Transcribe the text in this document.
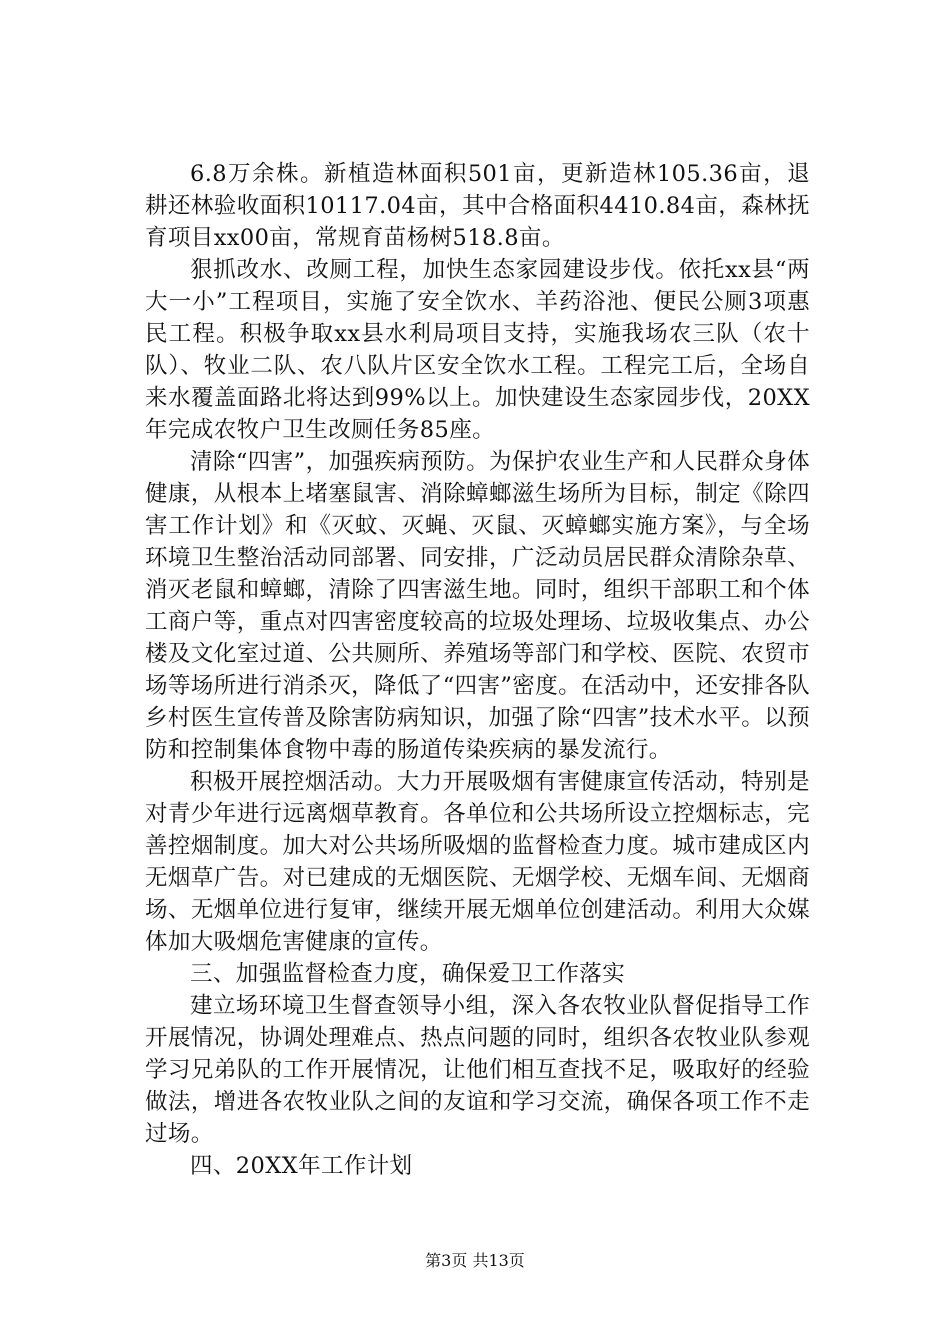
6.8万余株。新植造林面积501亩，更新造林105.36亩，退耕还林验收面积10117.04亩，其中合格面积4410.84亩，森林抚育项目xx00亩，常规育苗杨树518.8亩。

狠抓改水、改厕工程，加快生态家园建设步伐。依托xx县“两大一小”工程项目，实施了安全饮水、羊药浴池、便民公厕3项惠民工程。积极争取xx县水利局项目支持，实施我场农三队（农十队）、牧业二队、农八队片区安全饮水工程。工程完工后，全场自来水覆盖面路北将达到99%以上。加快建设生态家园步伐，20XX年完成农牧户卫生改厕任务85座。

清除“四害”，加强疾病预防。为保护农业生产和人民群众身体健康，从根本上堵塞鼠害、消除蟑螂滋生场所为目标，制定《除四害工作计划》和《灭蚊、灭蝇、灭鼠、灭蟑螂实施方案》，与全场环境卫生整治活动同部署、同安排，广泛动员居民群众清除杂草、消灭老鼠和蟑螂，清除了四害滋生地。同时，组织干部职工和个体工商户等，重点对四害密度较高的垃圾处理场、垃圾收集点、办公楼及文化室过道、公共厕所、养殖场等部门和学校、医院、农贸市场等场所进行消杀灭，降低了“四害”密度。在活动中，还安排各队乡村医生宣传普及除害防病知识，加强了除“四害”技术水平。以预防和控制集体食物中毒的肠道传染疾病的暴发流行。

积极开展控烟活动。大力开展吸烟有害健康宣传活动，特别是对青少年进行远离烟草教育。各单位和公共场所设立控烟标志，完善控烟制度。加大对公共场所吸烟的监督检查力度。城市建成区内无烟草广告。对已建成的无烟医院、无烟学校、无烟车间、无烟商场、无烟单位进行复审，继续开展无烟单位创建活动。利用大众媒体加大吸烟危害健康的宣传。

三、加强监督检查力度，确保爱卫工作落实

建立场环境卫生督查领导小组，深入各农牧业队督促指导工作开展情况，协调处理难点、热点问题的同时，组织各农牧业队参观学习兄弟队的工作开展情况，让他们相互查找不足，吸取好的经验做法，增进各农牧业队之间的友谊和学习交流，确保各项工作不走过场。

四、20XX年工作计划

第3页 共13页
